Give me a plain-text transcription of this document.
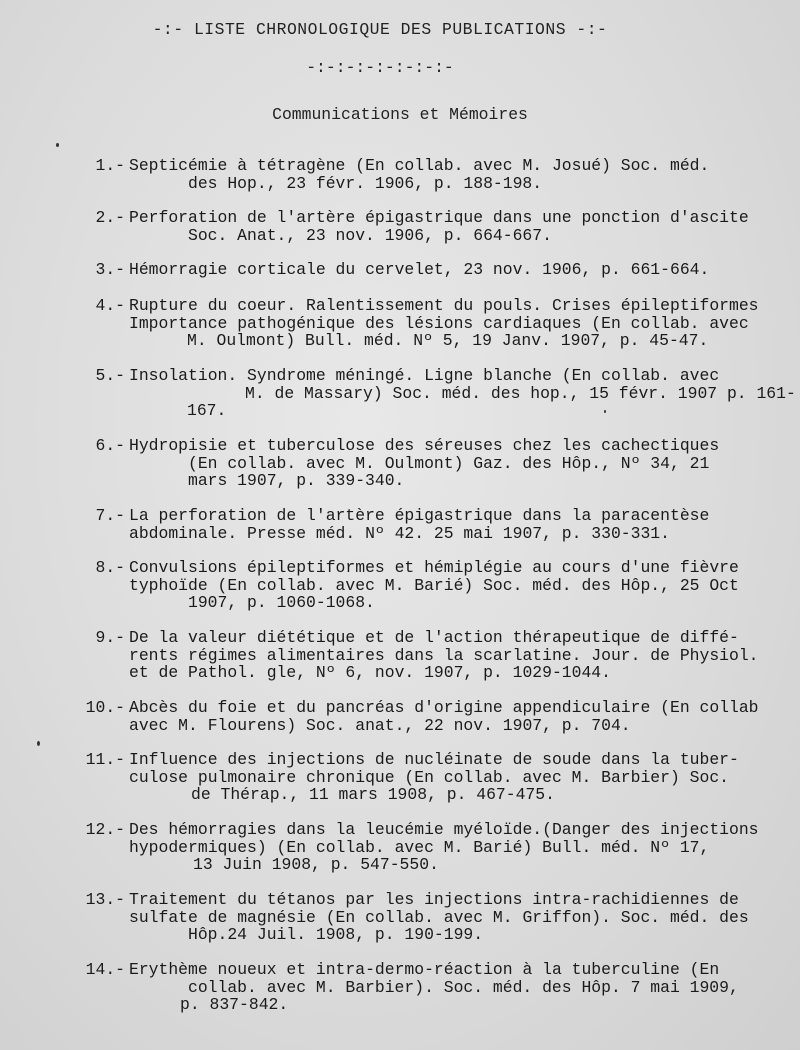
-:- LISTE CHRONOLOGIQUE DES PUBLICATIONS -:-
-:-:-:-:-:-:-:-
Communications et Mémoires
1.- Septicémie à tétragène (En collab. avec M. Josué) Soc. méd.
des Hop., 23 févr. 1906, p. 188-198.
2.- Perforation de l'artère épigastrique dans une ponction d'ascite
Soc. Anat., 23 nov. 1906, p. 664-667.
3.- Hémorragie corticale du cervelet, 23 nov. 1906, p. 661-664.
4.- Rupture du coeur. Ralentissement du pouls. Crises épileptiformes
Importance pathogénique des lésions cardiaques (En collab. avec
M. Oulmont) Bull. méd. Nº 5, 19 Janv. 1907, p. 45-47.
5.- Insolation. Syndrome méningé. Ligne blanche (En collab. avec
M. de Massary) Soc. méd. des hop., 15 févr. 1907 p. 161-
167.
6.- Hydropisie et tuberculose des séreuses chez les cachectiques
(En collab. avec M. Oulmont) Gaz. des Hôp., Nº 34, 21
mars 1907, p. 339-340.
7.- La perforation de l'artère épigastrique dans la paracentèse
abdominale. Presse méd. Nº 42. 25 mai 1907, p. 330-331.
8.- Convulsions épileptiformes et hémiplégie au cours d'une fièvre
typhoïde (En collab. avec M. Barié) Soc. méd. des Hôp., 25 Oct
1907, p. 1060-1068.
9.- De la valeur diététique et de l'action thérapeutique de diffé-
rents régimes alimentaires dans la scarlatine. Jour. de Physiol.
et de Pathol. gle, Nº 6, nov. 1907, p. 1029-1044.
10.- Abcès du foie et du pancréas d'origine appendiculaire (En collab
avec M. Flourens) Soc. anat., 22 nov. 1907, p. 704.
11.- Influence des injections de nucléinate de soude dans la tuber-
culose pulmonaire chronique (En collab. avec M. Barbier) Soc.
de Thérap., 11 mars 1908, p. 467-475.
12.- Des hémorragies dans la leucémie myéloïde.(Danger des injections
hypodermiques) (En collab. avec M. Barié) Bull. méd. Nº 17,
13 Juin 1908, p. 547-550.
13.- Traitement du tétanos par les injections intra-rachidiennes de
sulfate de magnésie (En collab. avec M. Griffon). Soc. méd. des
Hôp.24 Juil. 1908, p. 190-199.
14.- Erythème noueux et intra-dermo-réaction à la tuberculine (En
collab. avec M. Barbier). Soc. méd. des Hôp. 7 mai 1909,
p. 837-842.
